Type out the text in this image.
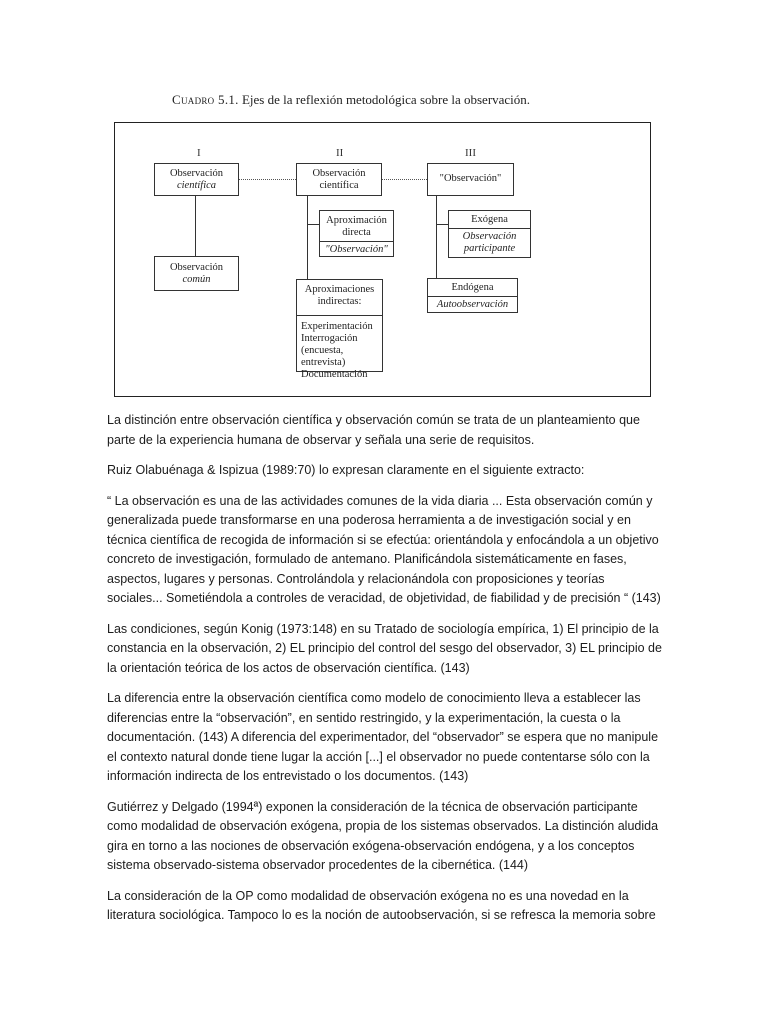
Cuadro 5.1. Ejes de la reflexión metodológica sobre la observación.
I	II	III
Observación
científica
Observación
común
Observación
científica
Aproximación
directa
"Observación"
Aproximaciones
indirectas:
Experimentación
Interrogación
(encuesta, entrevista)
Documentación
"Observación"
Exógena
Observación
participante
Endógena
Autoobservación

La distinción entre observación científica y observación común se trata de un planteamiento que parte de la experiencia humana de observar y señala una serie de requisitos.

Ruiz Olabuénaga & Ispizua (1989:70) lo expresan claramente en el siguiente extracto:

“ La observación es una de las actividades comunes de la vida diaria ... Esta observación común y generalizada puede transformarse en una poderosa herramienta a de investigación social y en técnica científica de recogida de información si se efectúa: orientándola y enfocándola a un objetivo concreto de investigación, formulado de antemano. Planificándola sistemáticamente en fases, aspectos, lugares y personas. Controlándola y relacionándola con proposiciones y teorías sociales... Sometiéndola a controles de veracidad, de objetividad, de fiabilidad y de precisión “ (143)

Las condiciones, según Konig (1973:148) en su Tratado de sociología empírica, 1) El principio de la constancia en la observación, 2) EL principio del control del sesgo del observador, 3) EL principio de la orientación teórica de los actos de observación científica. (143)

La diferencia entre la observación científica como modelo de conocimiento lleva a establecer las diferencias entre la “observación”, en sentido restringido, y la experimentación, la cuesta o la documentación. (143) A diferencia del experimentador, del “observador” se espera que no manipule el contexto natural donde tiene lugar la acción [...] el observador no puede contentarse sólo con la información indirecta de los entrevistado o los documentos. (143)

Gutiérrez y Delgado (1994ª) exponen la consideración de la técnica de observación participante como modalidad de observación exógena, propia de los sistemas observados. La distinción aludida gira en torno a las nociones de observación exógena-observación endógena, y a los conceptos sistema observado-sistema observador procedentes de la cibernética. (144)

La consideración de la OP como modalidad de observación exógena no es una novedad en la literatura sociológica. Tampoco lo es la noción de autoobservación, si se refresca la memoria sobre
